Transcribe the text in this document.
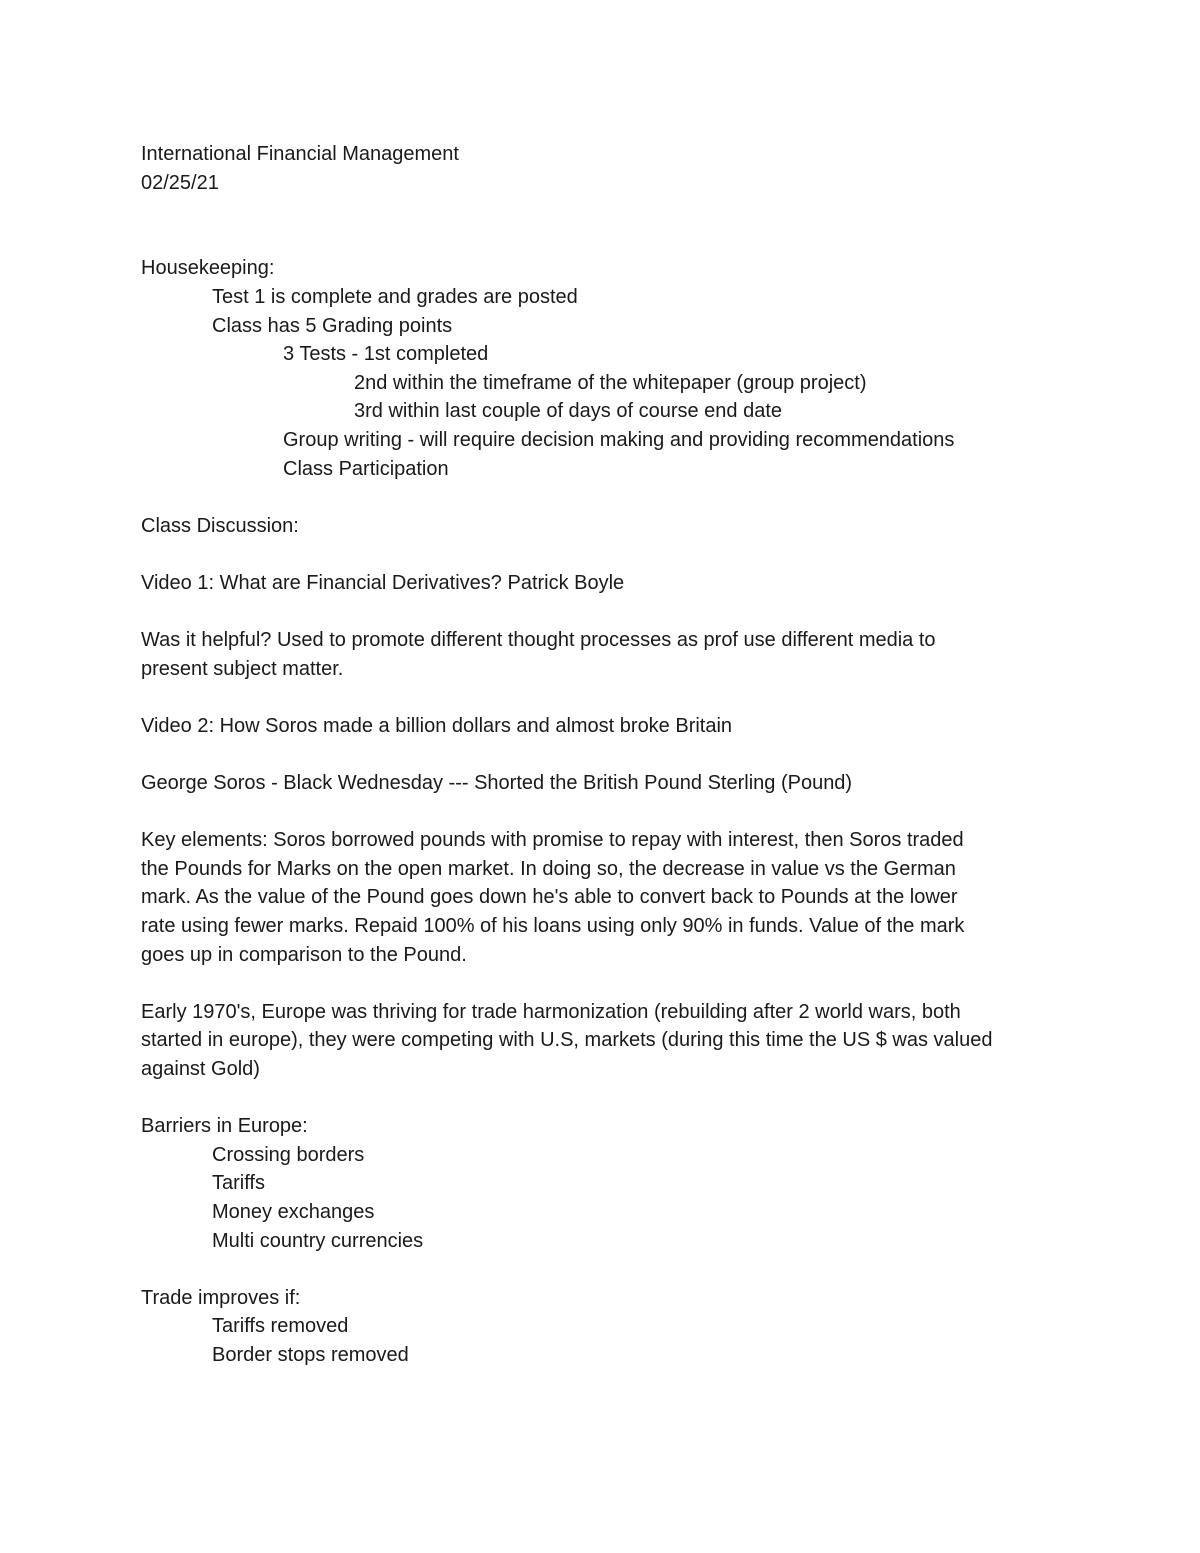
International Financial Management

02/25/21

Housekeeping:

Test 1 is complete and grades are posted

Class has 5 Grading points

3 Tests - 1st completed

2nd within the timeframe of the whitepaper (group project)

3rd within last couple of days of course end date

Group writing - will require decision making and providing recommendations

Class Participation

Class Discussion:

Video 1: What are Financial Derivatives? Patrick Boyle

Was it helpful? Used to promote different thought processes as prof use different media to

present subject matter.

Video 2: How Soros made a billion dollars and almost broke Britain

George Soros - Black Wednesday --- Shorted the British Pound Sterling (Pound)

Key elements: Soros borrowed pounds with promise to repay with interest, then Soros traded

the Pounds for Marks on the open market. In doing so, the decrease in value vs the German

mark. As the value of the Pound goes down he's able to convert back to Pounds at the lower

rate using fewer marks. Repaid 100% of his loans using only 90% in funds. Value of the mark

goes up in comparison to the Pound.

Early 1970's, Europe was thriving for trade harmonization (rebuilding after 2 world wars, both

started in europe), they were competing with U.S, markets (during this time the US $ was valued

against Gold)

Barriers in Europe:

Crossing borders

Tariffs

Money exchanges

Multi country currencies

Trade improves if:

Tariffs removed

Border stops removed
